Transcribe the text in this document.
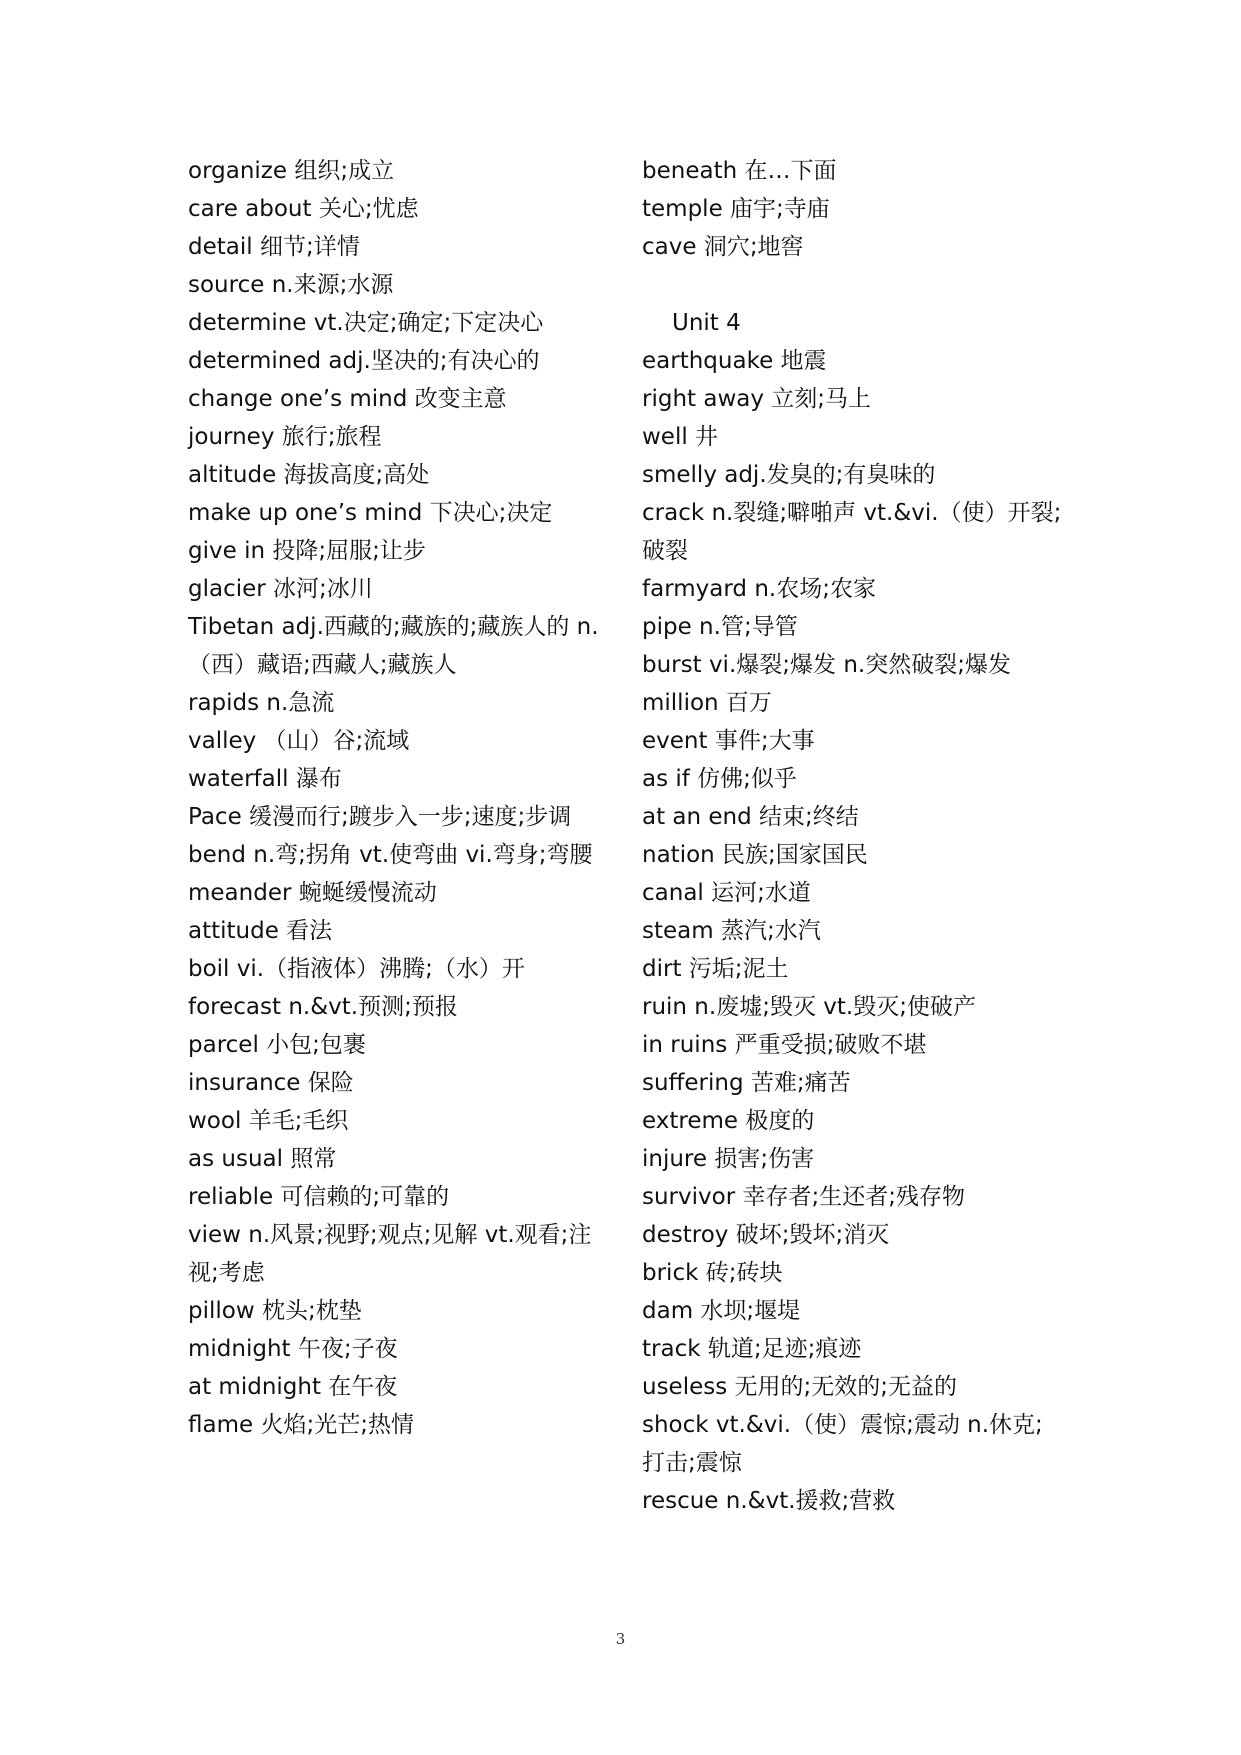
organize 组织;成立
care about 关心;忧虑
detail 细节;详情
source n.来源;水源
determine vt.决定;确定;下定决心
determined adj.坚决的;有决心的
change one’s mind 改变主意
journey 旅行;旅程
altitude 海拔高度;高处
make up one’s mind 下决心;决定
give in 投降;屈服;让步
glacier 冰河;冰川
Tibetan adj.西藏的;藏族的;藏族人的 n.（西）藏语;西藏人;藏族人
rapids n.急流
valley （山）谷;流域
waterfall 瀑布
Pace 缓漫而行;踱步入一步;速度;步调
bend n.弯;拐角 vt.使弯曲 vi.弯身;弯腰
meander 蜿蜒缓慢流动
attitude 看法
boil vi.（指液体）沸腾;（水）开
forecast n.&vt.预测;预报
parcel 小包;包裹
insurance 保险
wool 羊毛;毛织
as usual 照常
reliable 可信赖的;可靠的
view n.风景;视野;观点;见解 vt.观看;注视;考虑
pillow 枕头;枕垫
midnight 午夜;子夜
at midnight 在午夜
flame 火焰;光芒;热情
beneath 在…下面
temple 庙宇;寺庙
cave 洞穴;地窖
Unit 4
earthquake 地震
right away 立刻;马上
well 井
smelly adj.发臭的;有臭味的
crack n.裂缝;噼啪声 vt.&vi.（使）开裂;破裂
farmyard n.农场;农家
pipe n.管;导管
burst vi.爆裂;爆发 n.突然破裂;爆发
million 百万
event 事件;大事
as if 仿佛;似乎
at an end 结束;终结
nation 民族;国家国民
canal 运河;水道
steam 蒸汽;水汽
dirt 污垢;泥土
ruin n.废墟;毁灭 vt.毁灭;使破产
in ruins 严重受损;破败不堪
suffering 苦难;痛苦
extreme 极度的
injure 损害;伤害
survivor 幸存者;生还者;残存物
destroy 破坏;毁坏;消灭
brick 砖;砖块
dam 水坝;堰堤
track 轨道;足迹;痕迹
useless 无用的;无效的;无益的
shock vt.&vi.（使）震惊;震动 n.休克;打击;震惊
rescue n.&vt.援救;营救
3
